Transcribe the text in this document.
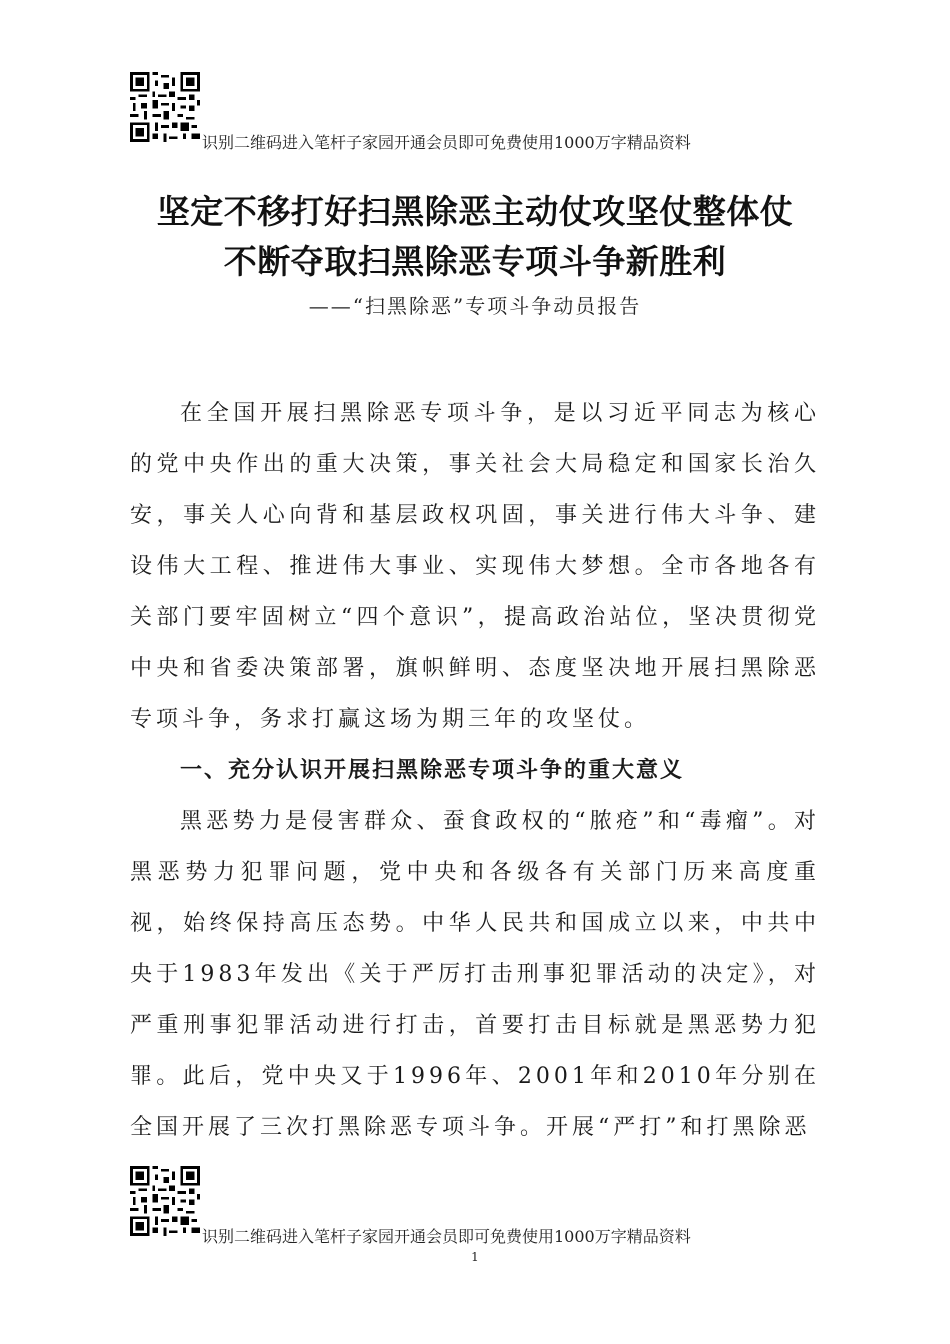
识别二维码进入笔杆子家园开通会员即可免费使用1000万字精品资料
坚定不移打好扫黑除恶主动仗攻坚仗整体仗
不断夺取扫黑除恶专项斗争新胜利
——“扫黑除恶”专项斗争动员报告

在全国开展扫黑除恶专项斗争，是以习近平同志为核心的党中央作出的重大决策，事关社会大局稳定和国家长治久安，事关人心向背和基层政权巩固，事关进行伟大斗争、建设伟大工程、推进伟大事业、实现伟大梦想。全市各地各有关部门要牢固树立“四个意识”，提高政治站位，坚决贯彻党中央和省委决策部署，旗帜鲜明、态度坚决地开展扫黑除恶专项斗争，务求打赢这场为期三年的攻坚仗。

一、充分认识开展扫黑除恶专项斗争的重大意义

黑恶势力是侵害群众、蚕食政权的“脓疮”和“毒瘤”。对黑恶势力犯罪问题，党中央和各级各有关部门历来高度重视，始终保持高压态势。中华人民共和国成立以来，中共中央于1983年发出《关于严厉打击刑事犯罪活动的决定》，对严重刑事犯罪活动进行打击，首要打击目标就是黑恶势力犯罪。此后，党中央又于1996年、2001年和2010年分别在全国开展了三次打黑除恶专项斗争。开展“严打”和打黑除恶

识别二维码进入笔杆子家园开通会员即可免费使用1000万字精品资料
1
